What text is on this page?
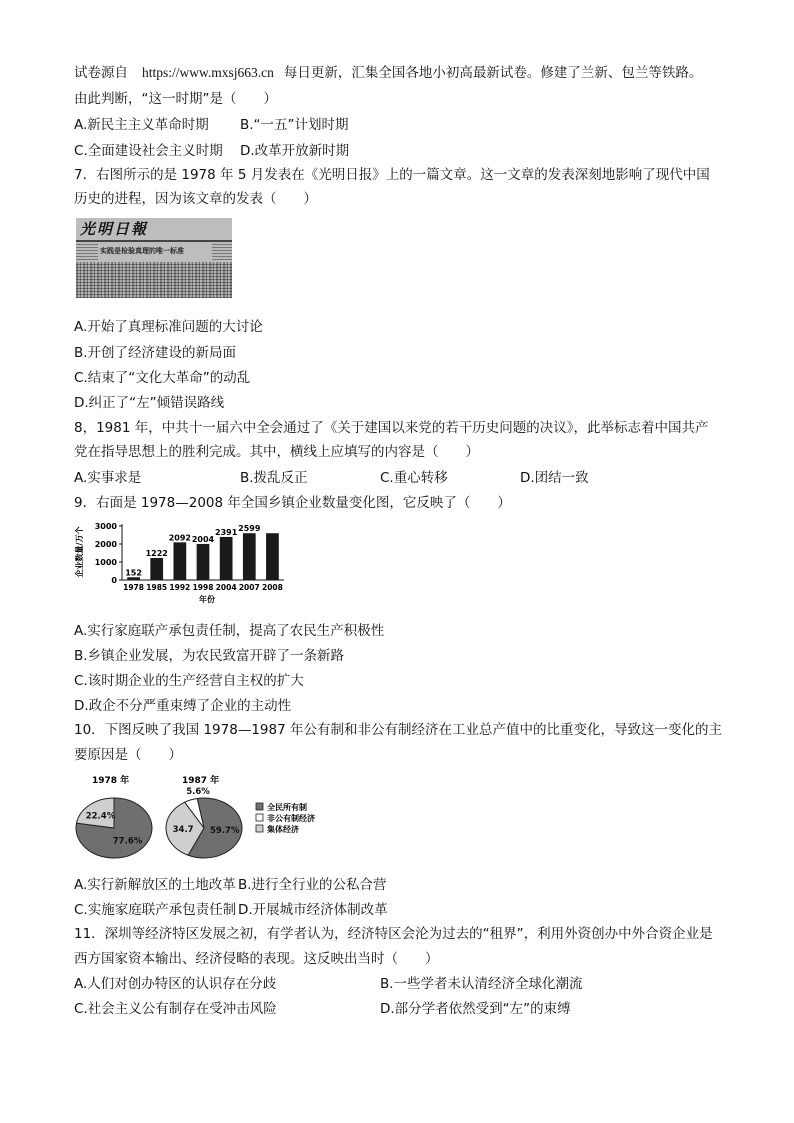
试卷源自 https://www.mxsj663.cn 每日更新，汇集全国各地小初高最新试卷。修建了兰新、包兰等铁路。
由此判断，“这一时期”是（　　）
A.新民主主义革命时期 B.“一五”计划时期
C.全面建设社会主义时期 D.改革开放新时期
7．右图所示的是 1978 年 5 月发表在《光明日报》上的一篇文章。这一文章的发表深刻地影响了现代中国
历史的进程，因为该文章的发表（　　）
光明日報
实践是检验真理的唯一标准
A.开始了真理标准问题的大讨论
B.开创了经济建设的新局面
C.结束了“文化大革命”的动乱
D.纠正了“左”倾错误路线
8，1981 年，中共十一届六中全会通过了《关于建国以来党的若干历史问题的决议》，此举标志着中国共产
党在指导思想上的胜利完成。其中，横线上应填写的内容是（　　）
A.实事求是	B.拨乱反正	C.重心转移	D.团结一致
9．右面是 1978—2008 年全国乡镇企业数量变化图，它反映了（　　）
企业数量/万个
年份
0
1000
2000
3000
152
1978
1222
1985
2092
1992
2004
1998
2391
2004
2599
2007 2008
A.实行家庭联产承包责任制，提高了农民生产积极性
B.乡镇企业发展，为农民致富开辟了一条新路
C.该时期企业的生产经营自主权的扩大
D.政企不分严重束缚了企业的主动性
10．下图反映了我国 1978—1987 年公有制和非公有制经济在工业总产值中的比重变化，导致这一变化的主
要原因是（　　）
1978 年
77.6%
22.4%
1987 年
59.7%
34.7
5.6%
全民所有制
非公有制经济
集体经济
A.实行新解放区的土地改革 B.进行全行业的公私合营
C.实施家庭联产承包责任制 D.开展城市经济体制改革
11．深圳等经济特区发展之初，有学者认为，经济特区会沦为过去的“租界”，利用外资创办中外合资企业是
西方国家资本输出、经济侵略的表现。这反映出当时（　　）
A.人们对创办特区的认识存在分歧	B.一些学者未认清经济全球化潮流
C.社会主义公有制存在受冲击风险	D.部分学者依然受到“左”的束缚
